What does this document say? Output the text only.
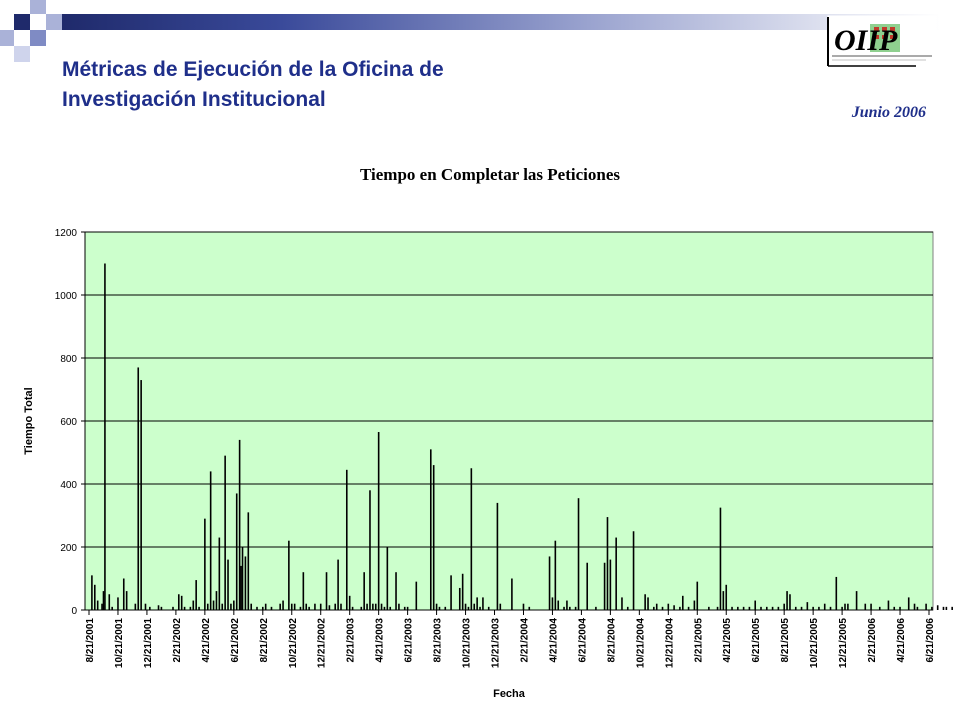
Métricas de Ejecución de la Oficina de
Investigación Institucional
Junio 2006
OIIP
Tiempo en Completar las Peticiones
0
200
400
600
800
1000
1200
8/21/2001 10/21/2001 12/21/2001 2/21/2002 4/21/2002 6/21/2002 8/21/2002 10/21/2002 12/21/2002 2/21/2003 4/21/2003 6/21/2003 8/21/2003 10/21/2003 12/21/2003 2/21/2004 4/21/2004 6/21/2004 8/21/2004 10/21/2004 12/21/2004 2/21/2005 4/21/2005 6/21/2005 8/21/2005 10/21/2005 12/21/2005 2/21/2006 4/21/2006 6/21/2006
Tiempo Total
Fecha
